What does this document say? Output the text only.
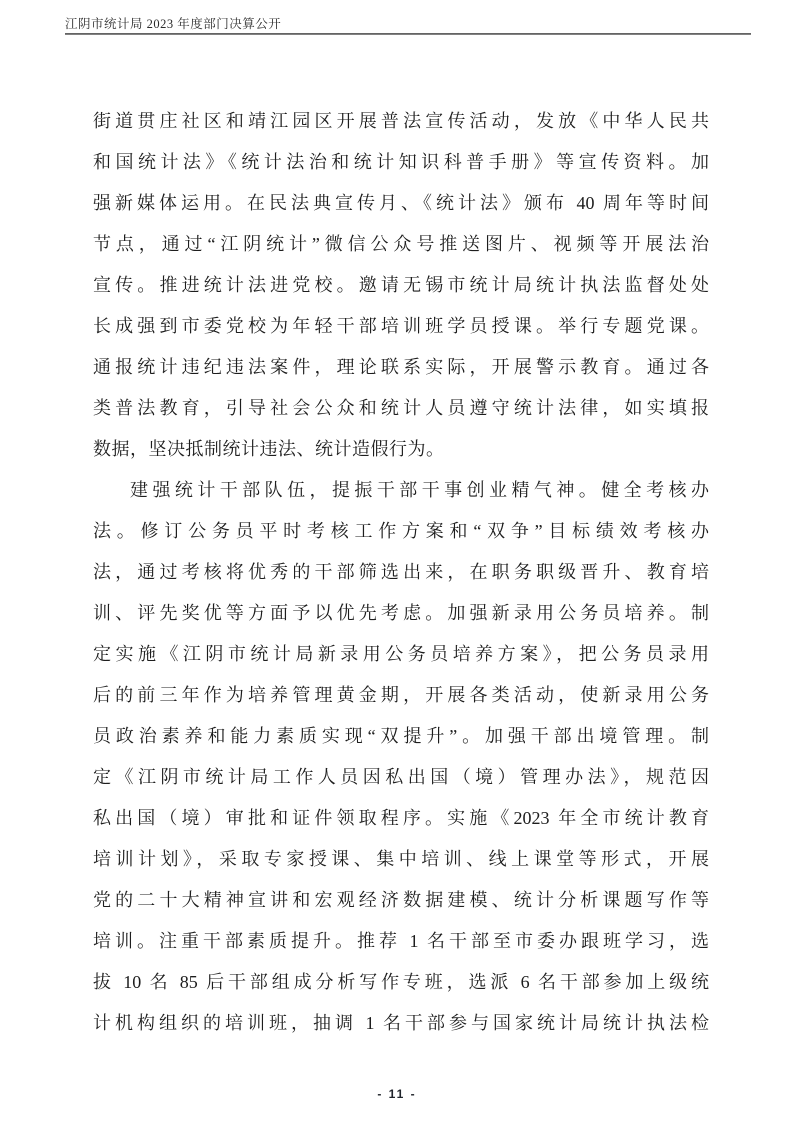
江阴市统计局 2023 年度部门决算公开
街道贯庄社区和靖江园区开展普法宣传活动，发放《中华人民共
和国统计法》《统计法治和统计知识科普手册》等宣传资料。加
强新媒体运用。在民法典宣传月、《统计法》颁布 40 周年等时间
节点，通过“江阴统计”微信公众号推送图片、视频等开展法治
宣传。推进统计法进党校。邀请无锡市统计局统计执法监督处处
长成强到市委党校为年轻干部培训班学员授课。举行专题党课。
通报统计违纪违法案件，理论联系实际，开展警示教育。通过各
类普法教育，引导社会公众和统计人员遵守统计法律，如实填报
数据，坚决抵制统计违法、统计造假行为。
建强统计干部队伍，提振干部干事创业精气神。健全考核办
法。修订公务员平时考核工作方案和“双争”目标绩效考核办
法，通过考核将优秀的干部筛选出来，在职务职级晋升、教育培
训、评先奖优等方面予以优先考虑。加强新录用公务员培养。制
定实施《江阴市统计局新录用公务员培养方案》，把公务员录用
后的前三年作为培养管理黄金期，开展各类活动，使新录用公务
员政治素养和能力素质实现“双提升”。加强干部出境管理。制
定《江阴市统计局工作人员因私出国（境）管理办法》，规范因
私出国（境）审批和证件领取程序。实施《2023 年全市统计教育
培训计划》，采取专家授课、集中培训、线上课堂等形式，开展
党的二十大精神宣讲和宏观经济数据建模、统计分析课题写作等
培训。注重干部素质提升。推荐 1 名干部至市委办跟班学习，选
拔 10 名 85 后干部组成分析写作专班，选派 6 名干部参加上级统
计机构组织的培训班，抽调 1 名干部参与国家统计局统计执法检
- 11 -
